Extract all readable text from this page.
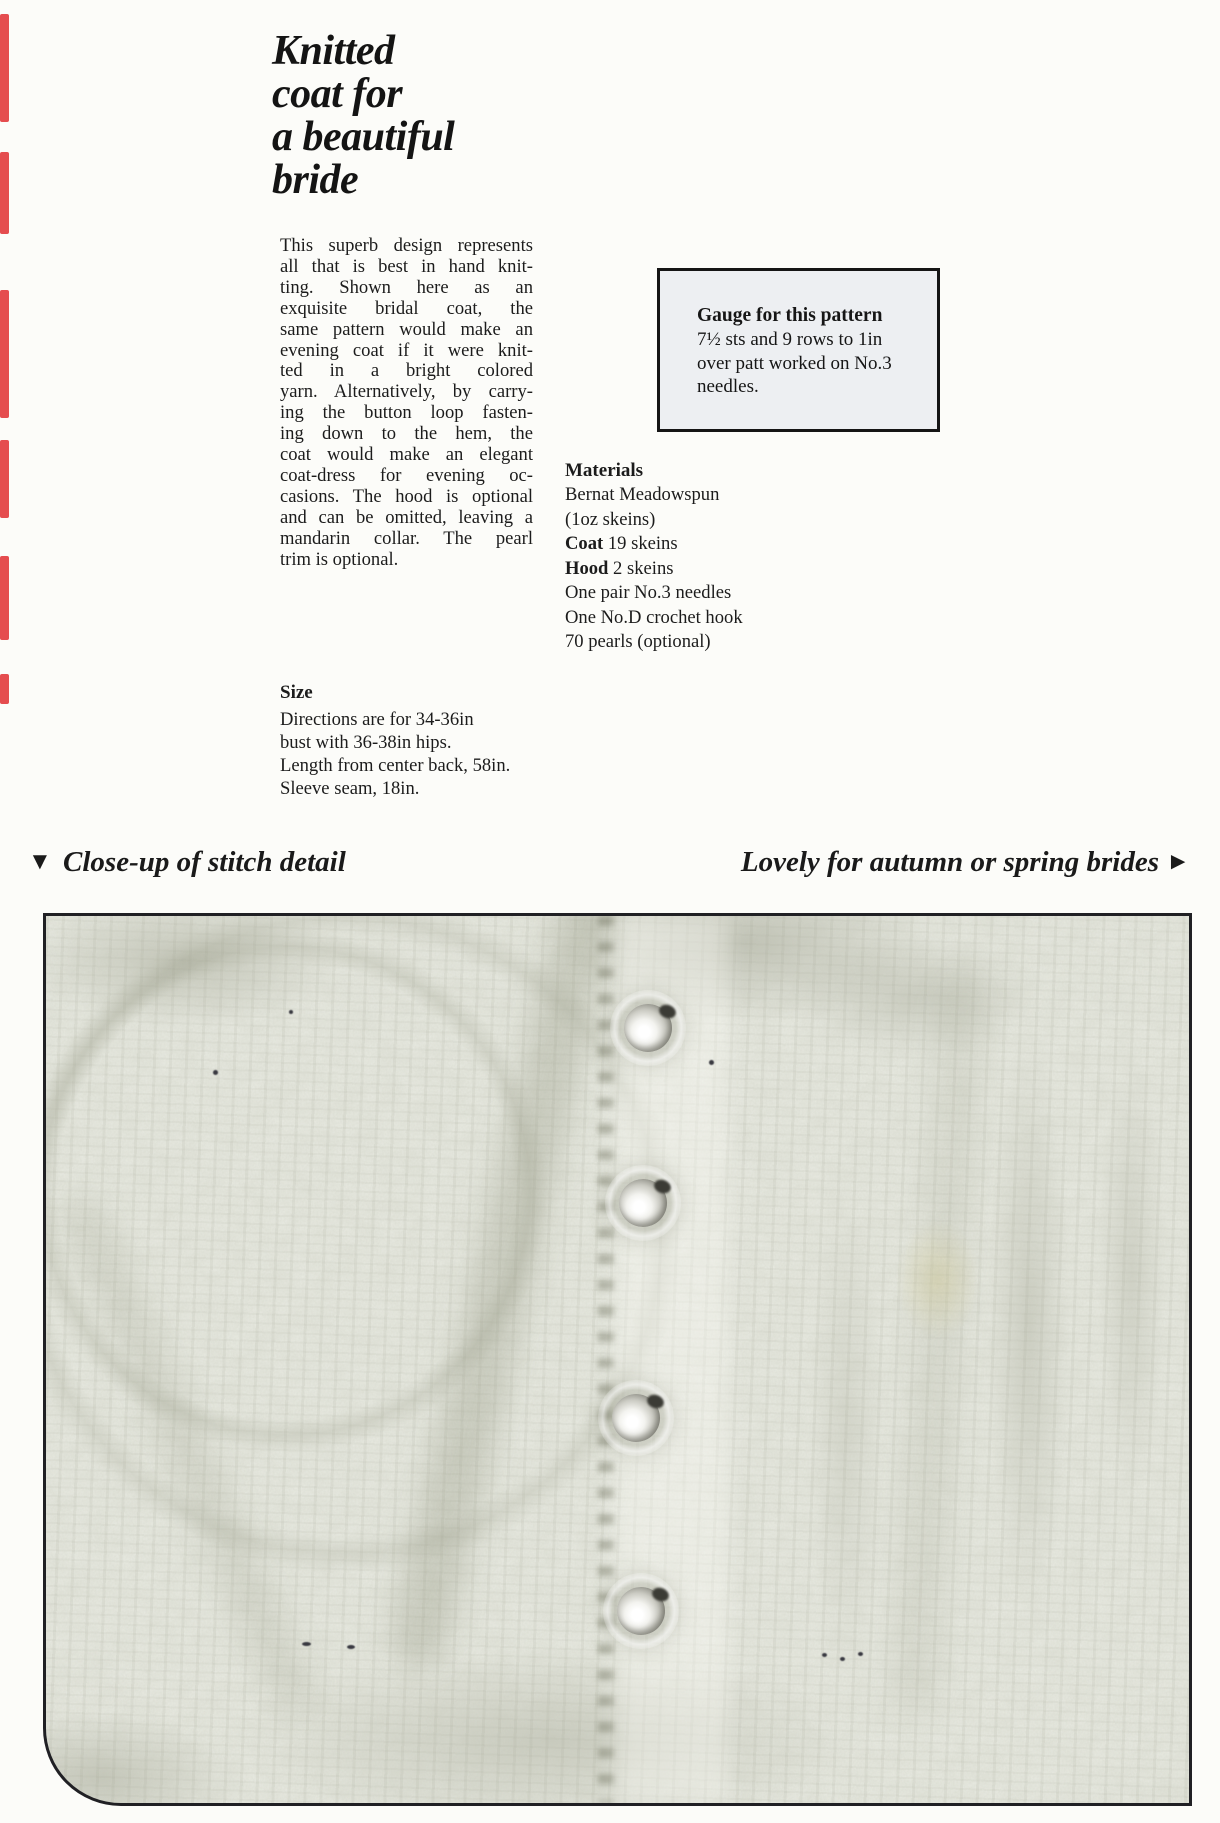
Knitted
coat for
a beautiful
bride
This superb design represents
all that is best in hand knit-
ting. Shown here as an
exquisite bridal coat, the
same pattern would make an
evening coat if it were knit-
ted in a bright colored
yarn. Alternatively, by carry-
ing the button loop fasten-
ing down to the hem, the
coat would make an elegant
coat-dress for evening oc-
casions. The hood is optional
and can be omitted, leaving a
mandarin collar. The pearl
trim is optional.
Gauge for this pattern
7½ sts and 9 rows to 1in
over patt worked on No.3
needles.
Materials
Bernat Meadowspun
(1oz skeins)
Coat 19 skeins
Hood 2 skeins
One pair No.3 needles
One No.D crochet hook
70 pearls (optional)
Size
Directions are for 34-36in
bust with 36-38in hips.
Length from center back, 58in.
Sleeve seam, 18in.
▼ Close-up of stitch detail	Lovely for autumn or spring brides ►
